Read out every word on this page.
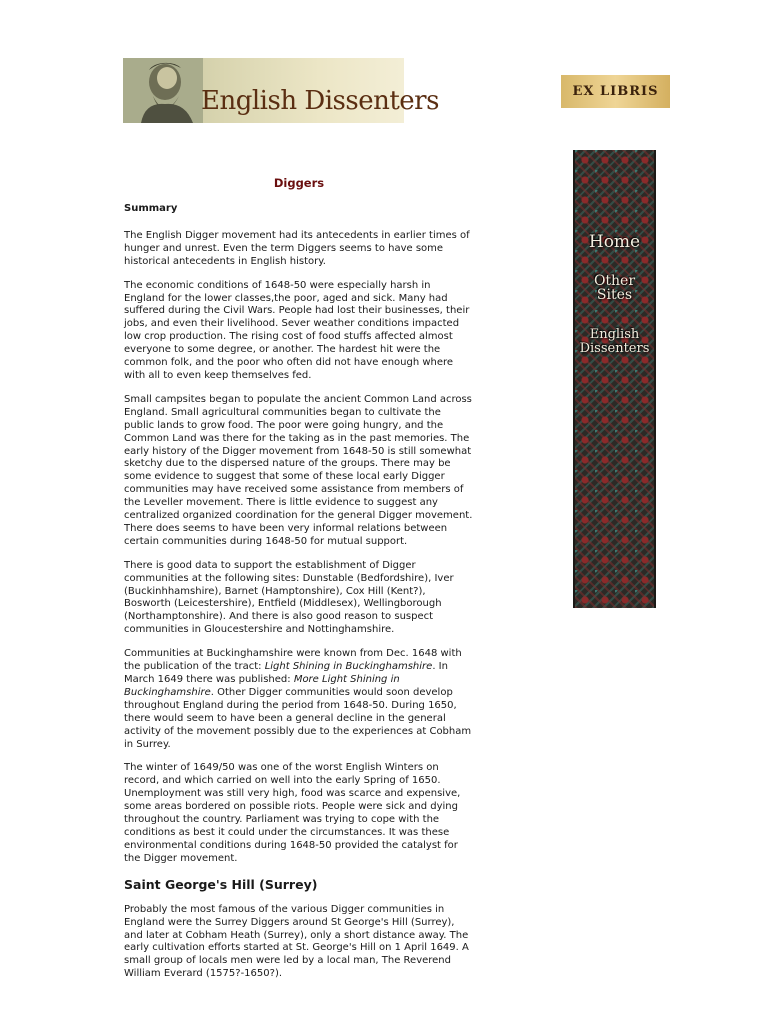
English Dissenters	EX LIBRIS
Home
Other Sites
English Dissenters
Diggers
Summary

The English Digger movement had its antecedents in earlier times of hunger and unrest. Even the term Diggers seems to have some historical antecedents in English history.

The economic conditions of 1648-50 were especially harsh in England for the lower classes,the poor, aged and sick. Many had suffered during the Civil Wars. People had lost their businesses, their jobs, and even their livelihood. Sever weather conditions impacted low crop production. The rising cost of food stuffs affected almost everyone to some degree, or another. The hardest hit were the common folk, and the poor who often did not have enough where with all to even keep themselves fed.

Small campsites began to populate the ancient Common Land across England. Small agricultural communities began to cultivate the public lands to grow food. The poor were going hungry, and the Common Land was there for the taking as in the past memories. The early history of the Digger movement from 1648-50 is still somewhat sketchy due to the dispersed nature of the groups. There may be some evidence to suggest that some of these local early Digger communities may have received some assistance from members of the Leveller movement. There is little evidence to suggest any centralized organized coordination for the general Digger movement. There does seems to have been very informal relations between certain communities during 1648-50 for mutual support.

There is good data to support the establishment of Digger communities at the following sites: Dunstable (Bedfordshire), Iver (Buckinhhamshire), Barnet (Hamptonshire), Cox Hill (Kent?), Bosworth (Leicestershire), Entfield (Middlesex), Wellingborough (Northamptonshire). And there is also good reason to suspect communities in Gloucestershire and Nottinghamshire.

Communities at Buckinghamshire were known from Dec. 1648 with the publication of the tract: Light Shining in Buckinghamshire. In March 1649 there was published: More Light Shining in Buckinghamshire. Other Digger communities would soon develop throughout England during the period from 1648-50. During 1650, there would seem to have been a general decline in the general activity of the movement possibly due to the experiences at Cobham in Surrey.

The winter of 1649/50 was one of the worst English Winters on record, and which carried on well into the early Spring of 1650. Unemployment was still very high, food was scarce and expensive, some areas bordered on possible riots. People were sick and dying throughout the country. Parliament was trying to cope with the conditions as best it could under the circumstances. It was these environmental conditions during 1648-50 provided the catalyst for the Digger movement.

Saint George's Hill (Surrey)

Probably the most famous of the various Digger communities in England were the Surrey Diggers around St George's Hill (Surrey), and later at Cobham Heath (Surrey), only a short distance away. The early cultivation efforts started at St. George's Hill on 1 April 1649. A small group of locals men were led by a local man, The Reverend William Everard (1575?-1650?).
